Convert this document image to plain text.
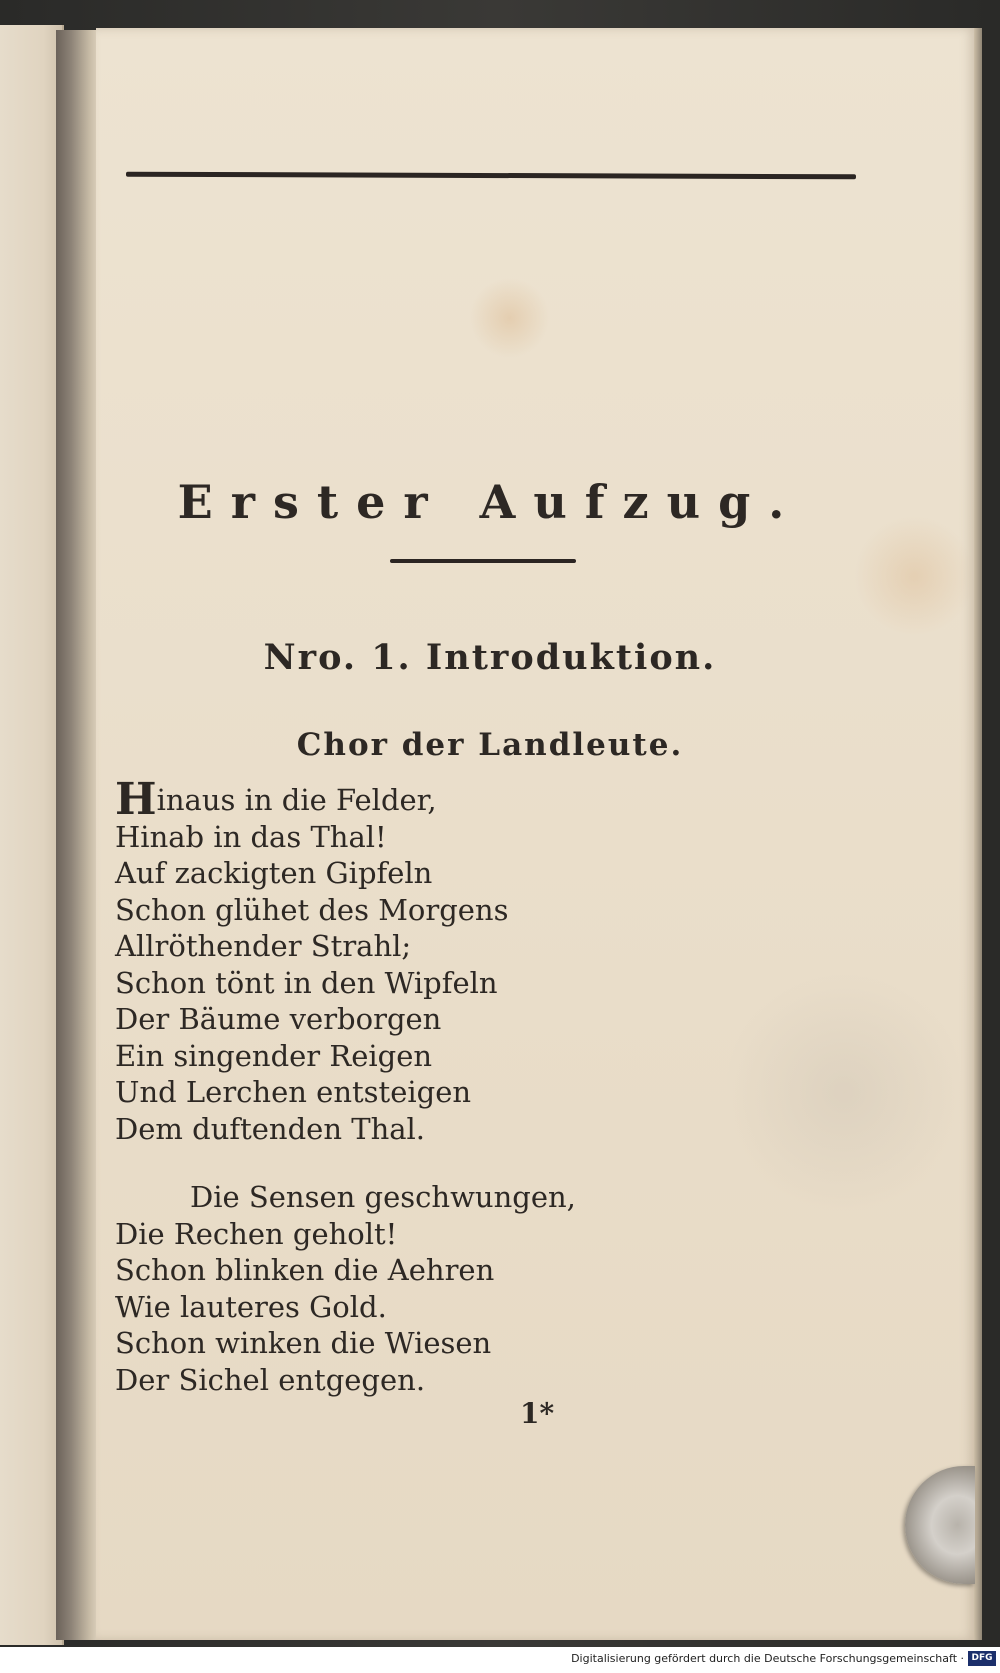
Erster Aufzug.
Nro. 1. Introduktion.
Chor der Landleute.
Hinaus in die Felder,
Hinab in das Thal!
Auf zackigten Gipfeln
Schon glühet des Morgens
Allröthender Strahl;
Schon tönt in den Wipfeln
Der Bäume verborgen
Ein singender Reigen
Und Lerchen entsteigen
Dem duftenden Thal.
Die Sensen geschwungen,
Die Rechen geholt!
Schon blinken die Aehren
Wie lauteres Gold.
Schon winken die Wiesen
Der Sichel entgegen.
1*
Digitalisierung gefördert durch die Deutsche Forschungsgemeinschaft · DFG
